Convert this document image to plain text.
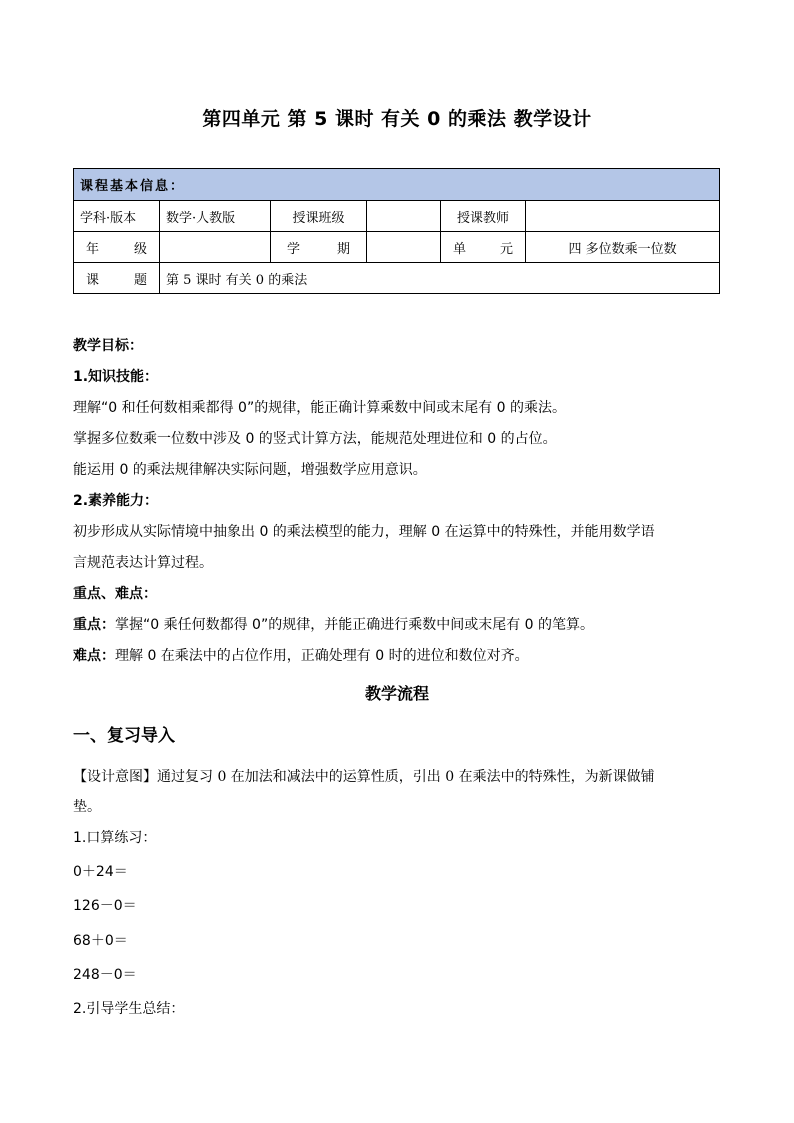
第四单元 第 5 课时 有关 0 的乘法 教学设计
课程基本信息：					
学科·版本	数学·人教版	授课班级		授课教师	

年 级		学 期		单 元	四 多位数乘一位数

课 题	第 5 课时 有关 0 的乘法				
教学目标：
1.知识技能：
理解“0 和任何数相乘都得 0”的规律，能正确计算乘数中间或末尾有 0 的乘法。
掌握多位数乘一位数中涉及 0 的竖式计算方法，能规范处理进位和 0 的占位。
能运用 0 的乘法规律解决实际问题，增强数学应用意识。
2.素养能力：
初步形成从实际情境中抽象出 0 的乘法模型的能力，理解 0 在运算中的特殊性，并能用数学语
言规范表达计算过程。
重点、难点：
重点：掌握“0 乘任何数都得 0”的规律，并能正确进行乘数中间或末尾有 0 的笔算。
难点：理解 0 在乘法中的占位作用，正确处理有 0 时的进位和数位对齐。
教学流程
一、复习导入
【设计意图】通过复习 0 在加法和减法中的运算性质，引出 0 在乘法中的特殊性，为新课做铺
垫。
1.口算练习：
0＋24＝
126－0＝
68＋0＝
248－0＝
2.引导学生总结：
